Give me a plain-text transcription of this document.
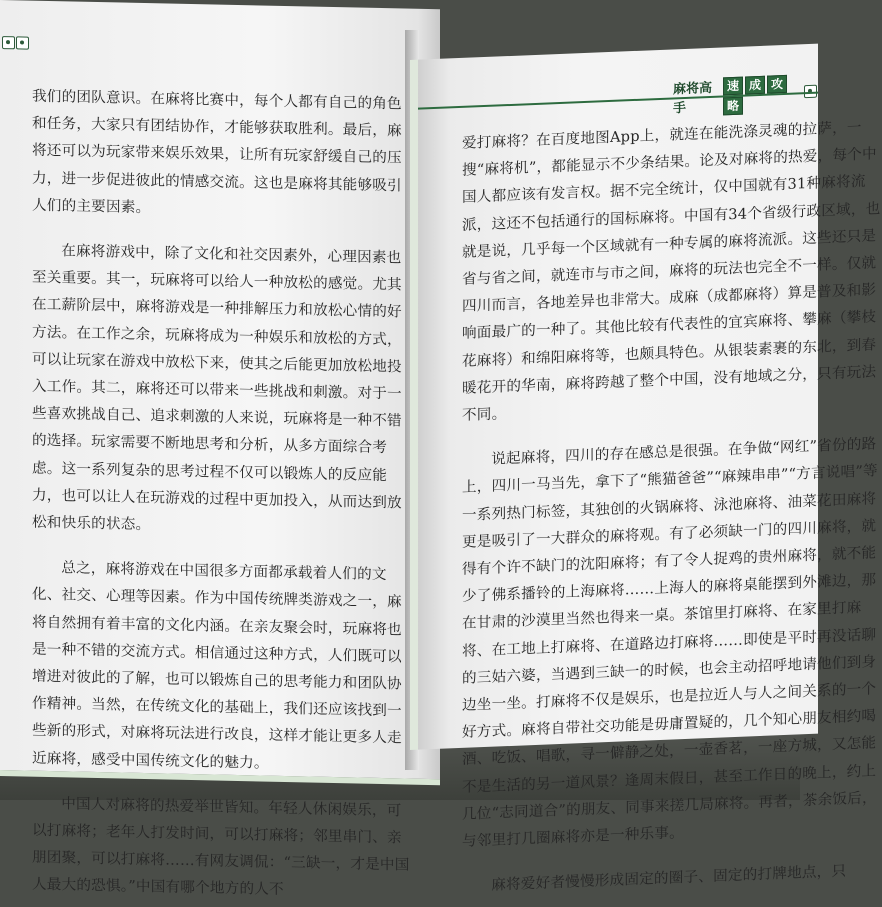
我们的团队意识。在麻将比赛中，每个人都有自己的角色和任务，大家只有团结协作，才能够获取胜利。最后，麻将还可以为玩家带来娱乐效果，让所有玩家舒缓自己的压力，进一步促进彼此的情感交流。这也是麻将其能够吸引人们的主要因素。

在麻将游戏中，除了文化和社交因素外，心理因素也至关重要。其一，玩麻将可以给人一种放松的感觉。尤其在工薪阶层中，麻将游戏是一种排解压力和放松心情的好方法。在工作之余，玩麻将成为一种娱乐和放松的方式，可以让玩家在游戏中放松下来，使其之后能更加放松地投入工作。其二，麻将还可以带来一些挑战和刺激。对于一些喜欢挑战自己、追求刺激的人来说，玩麻将是一种不错的选择。玩家需要不断地思考和分析，从多方面综合考虑。这一系列复杂的思考过程不仅可以锻炼人的反应能力，也可以让人在玩游戏的过程中更加投入，从而达到放松和快乐的状态。

总之，麻将游戏在中国很多方面都承载着人们的文化、社交、心理等因素。作为中国传统牌类游戏之一，麻将自然拥有着丰富的文化内涵。在亲友聚会时，玩麻将也是一种不错的交流方式。相信通过这种方式，人们既可以增进对彼此的了解，也可以锻炼自己的思考能力和团队协作精神。当然，在传统文化的基础上，我们还应该找到一些新的形式，对麻将玩法进行改良，这样才能让更多人走近麻将，感受中国传统文化的魅力。

中国人对麻将的热爱举世皆知。年轻人休闲娱乐，可以打麻将；老年人打发时间，可以打麻将；邻里串门、亲朋团聚，可以打麻将……有网友调侃：“三缺一，才是中国人最大的恐惧。”中国有哪个地方的人不

麻将高手
速 成 攻略

爱打麻将？在百度地图App上，就连在能洗涤灵魂的拉萨，一搜“麻将机”，都能显示不少条结果。论及对麻将的热爱，每个中国人都应该有发言权。据不完全统计，仅中国就有31种麻将流派，这还不包括通行的国标麻将。中国有34个省级行政区域，也就是说，几乎每一个区域就有一种专属的麻将流派。这些还只是省与省之间，就连市与市之间，麻将的玩法也完全不一样。仅就四川而言，各地差异也非常大。成麻（成都麻将）算是普及和影响面最广的一种了。其他比较有代表性的宜宾麻将、攀麻（攀枝花麻将）和绵阳麻将等，也颇具特色。从银装素裹的东北，到春暖花开的华南，麻将跨越了整个中国，没有地域之分，只有玩法不同。

说起麻将，四川的存在感总是很强。在争做“网红”省份的路上，四川一马当先，拿下了“熊猫爸爸”“麻辣串串”“方言说唱”等一系列热门标签，其独创的火锅麻将、泳池麻将、油菜花田麻将更是吸引了一大群众的麻将观。有了必须缺一门的四川麻将，就得有个许不缺门的沈阳麻将；有了令人捉鸡的贵州麻将，就不能少了佛系播铃的上海麻将……上海人的麻将桌能摆到外滩边，那在甘肃的沙漠里当然也得来一桌。茶馆里打麻将、在家里打麻将、在工地上打麻将、在道路边打麻将……即使是平时再没话聊的三姑六婆，当遇到三缺一的时候，也会主动招呼地请他们到身边坐一坐。打麻将不仅是娱乐，也是拉近人与人之间关系的一个好方式。麻将自带社交功能是毋庸置疑的，几个知心朋友相约喝酒、吃饭、唱歌，寻一僻静之处，一壶香茗，一座方城，又怎能不是生活的另一道风景？逢周末假日，甚至工作日的晚上，约上几位“志同道合”的朋友、同事来搓几局麻将。再者，茶余饭后，与邻里打几圈麻将亦是一种乐事。

麻将爱好者慢慢形成固定的圈子、固定的打牌地点，只
